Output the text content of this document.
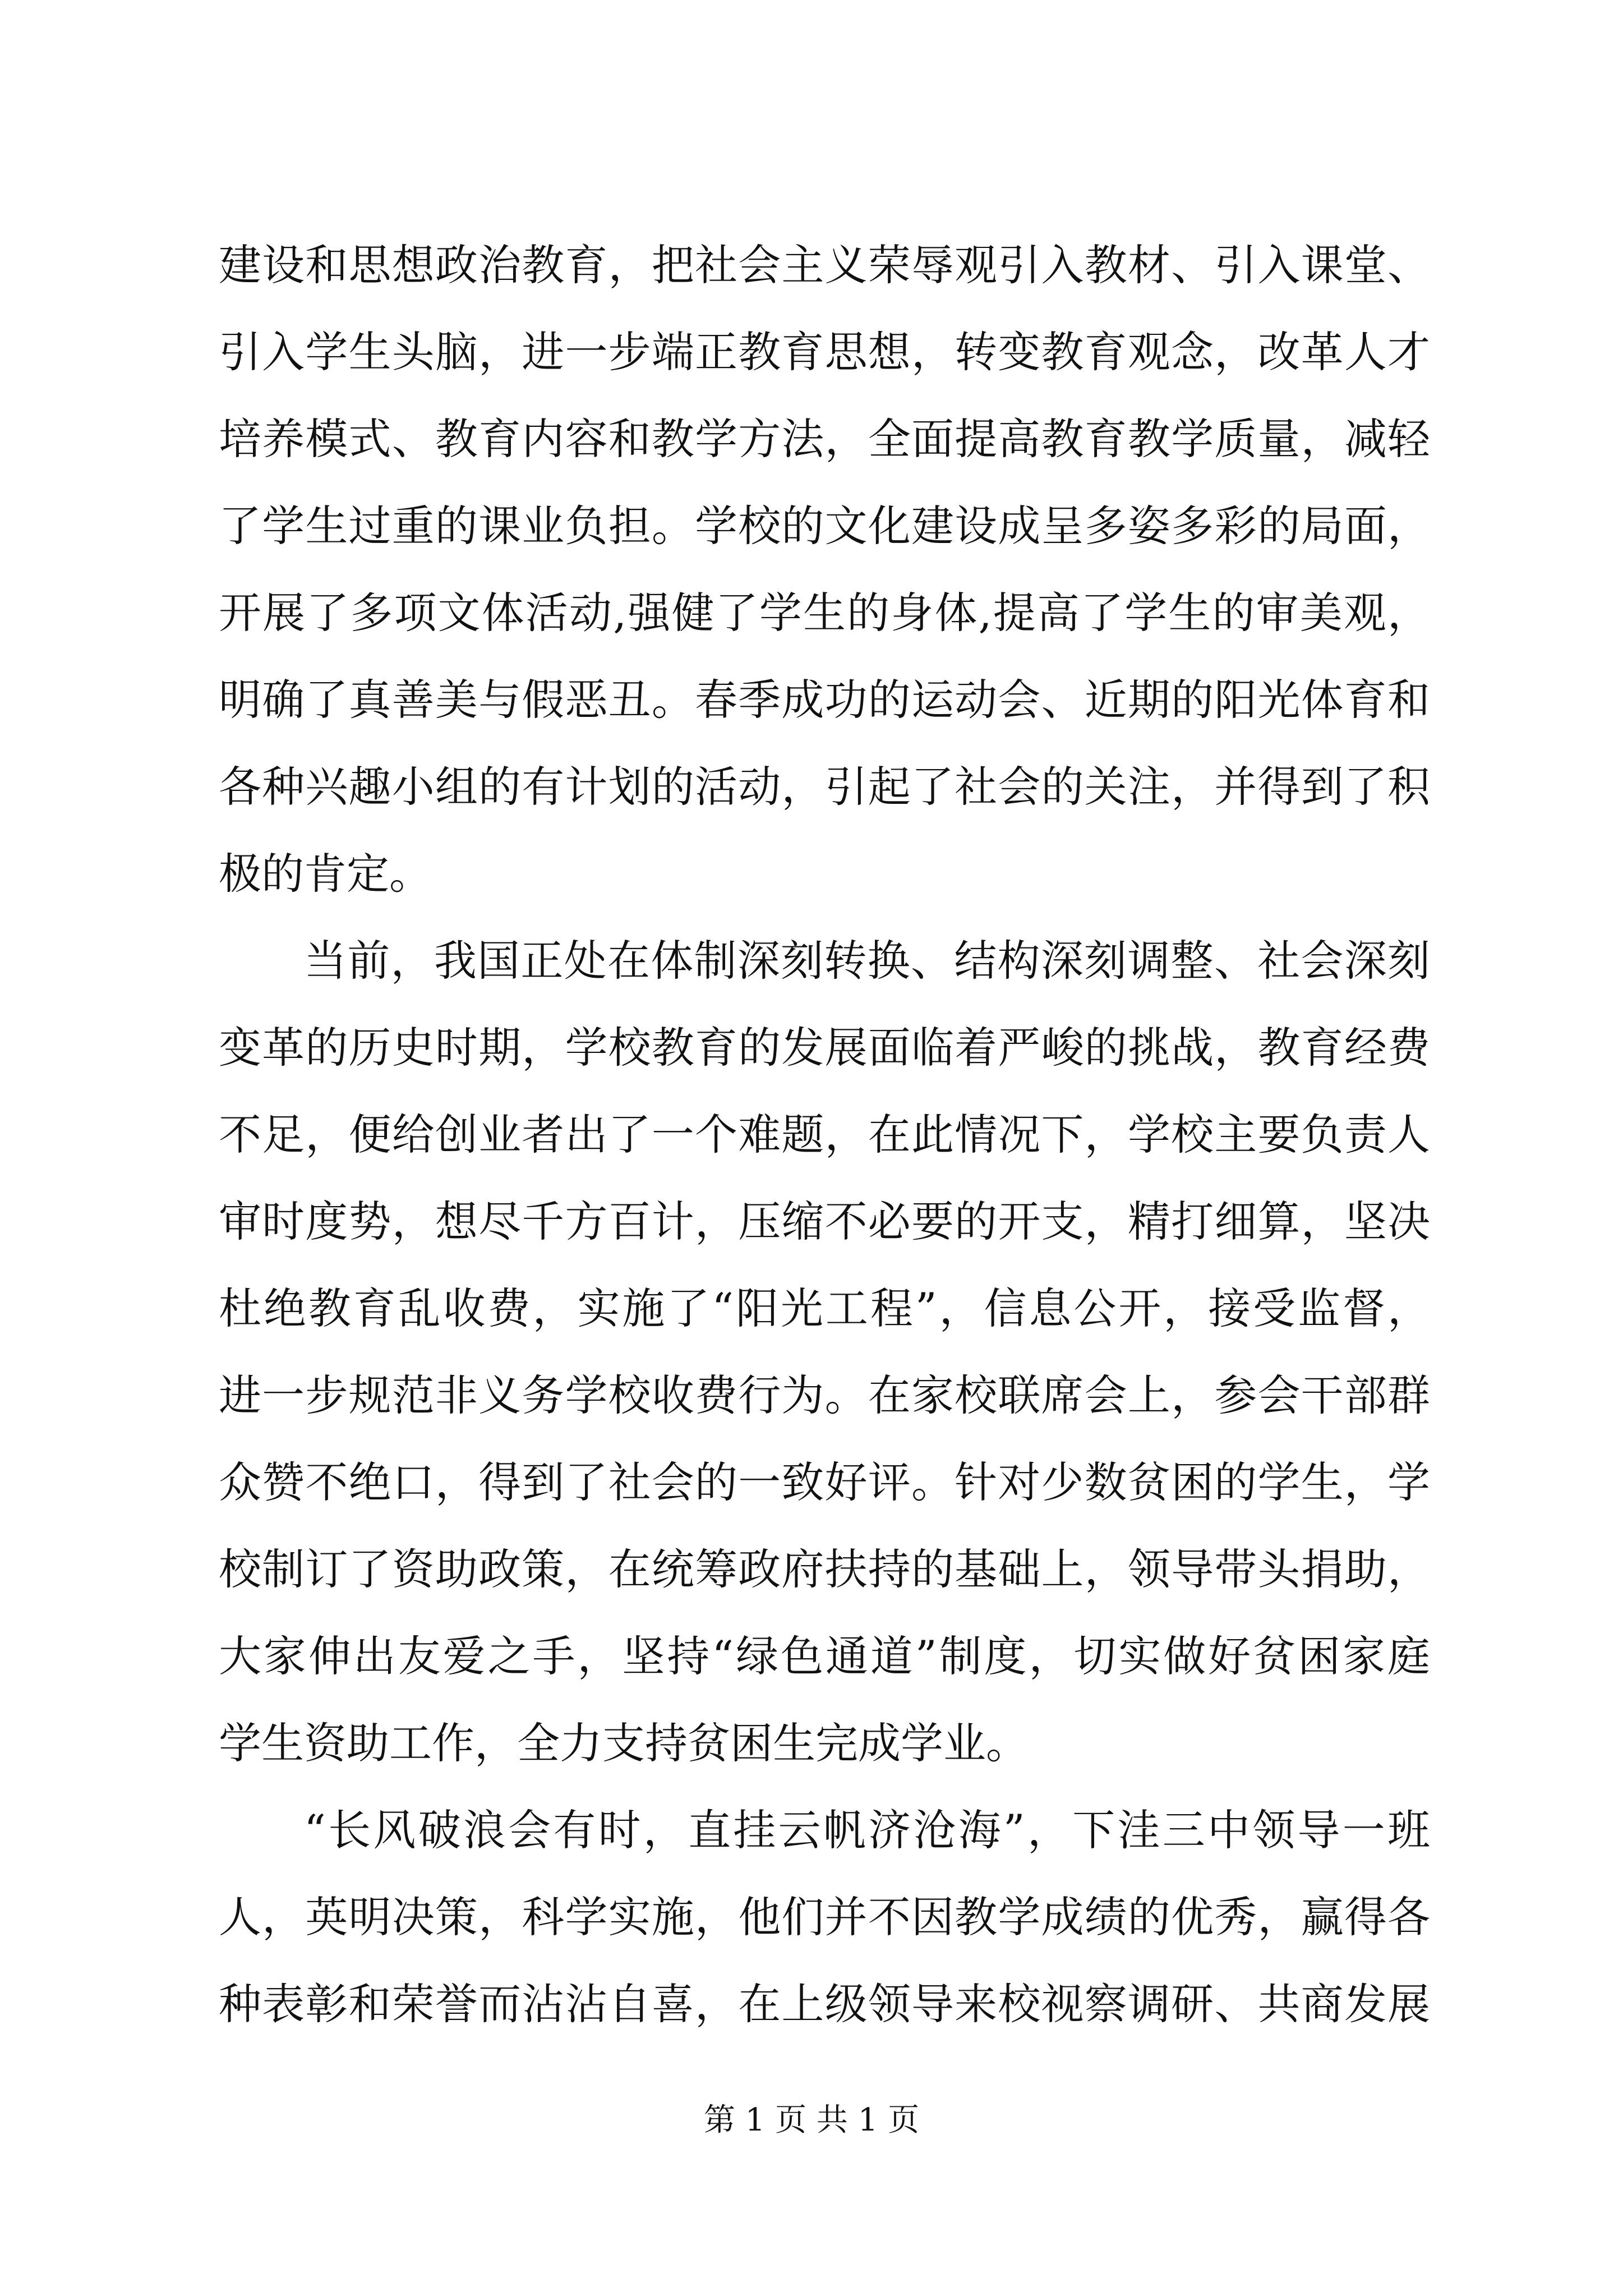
建设和思想政治教育，把社会主义荣辱观引入教材、引入课堂、
引入学生头脑，进一步端正教育思想，转变教育观念，改革人才
培养模式、教育内容和教学方法，全面提高教育教学质量，减轻
了学生过重的课业负担。学校的文化建设成呈多姿多彩的局面，
开展了多项文体活动,强健了学生的身体,提高了学生的审美观，
明确了真善美与假恶丑。春季成功的运动会、近期的阳光体育和
各种兴趣小组的有计划的活动，引起了社会的关注，并得到了积
极的肯定。
当前，我国正处在体制深刻转换、结构深刻调整、社会深刻
变革的历史时期，学校教育的发展面临着严峻的挑战，教育经费
不足，便给创业者出了一个难题，在此情况下，学校主要负责人
审时度势，想尽千方百计，压缩不必要的开支，精打细算，坚决
杜绝教育乱收费，实施了“阳光工程”，信息公开，接受监督，
进一步规范非义务学校收费行为。在家校联席会上，参会干部群
众赞不绝口，得到了社会的一致好评。针对少数贫困的学生，学
校制订了资助政策，在统筹政府扶持的基础上，领导带头捐助，
大家伸出友爱之手，坚持“绿色通道”制度，切实做好贫困家庭
学生资助工作，全力支持贫困生完成学业。
“长风破浪会有时，直挂云帆济沧海”，下洼三中领导一班
人，英明决策，科学实施，他们并不因教学成绩的优秀，赢得各
种表彰和荣誉而沾沾自喜，在上级领导来校视察调研、共商发展
第 1 页 共 1 页
